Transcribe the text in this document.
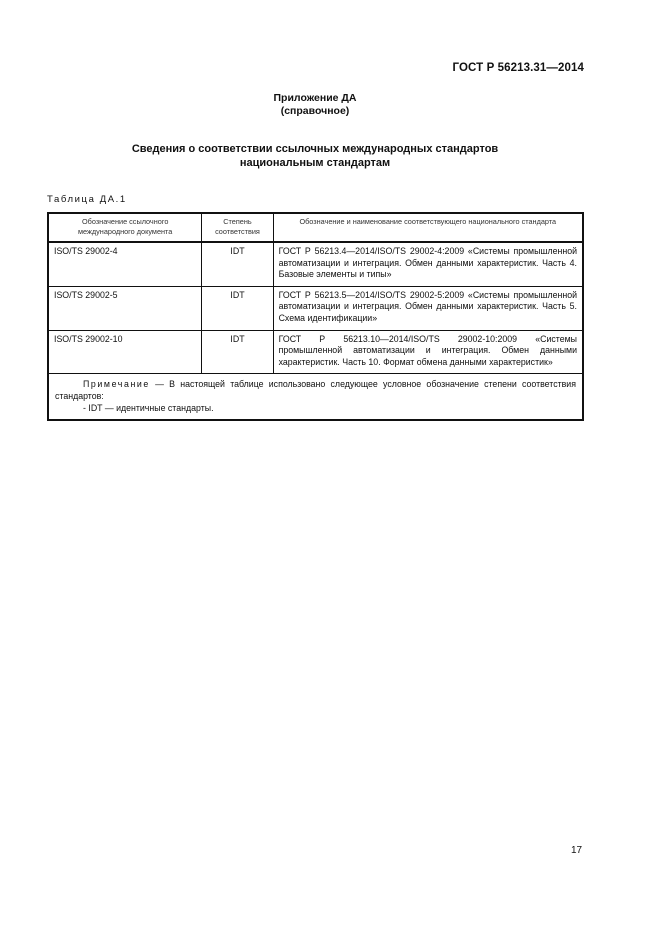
ГОСТ Р 56213.31—2014
Приложение ДА
(справочное)
Сведения о соответствии ссылочных международных стандартов
национальным стандартам
Таблица ДА.1
Обозначение ссылочного международного документа	Степень соответствия	Обозначение и наименование соответствующего национального стандарта
ISO/TS 29002-4	IDT	ГОСТ Р 56213.4—2014/ISO/TS 29002-4:2009 «Системы промышленной автоматизации и интеграция. Обмен данными характеристик. Часть 4. Базовые элементы и типы»
ISO/TS 29002-5	IDT	ГОСТ Р 56213.5—2014/ISO/TS 29002-5:2009 «Системы промышленной автоматизации и интеграция. Обмен данными характеристик. Часть 5. Схема идентификации»
ISO/TS 29002-10	IDT	ГОСТ Р 56213.10—2014/ISO/TS 29002-10:2009 «Системы промышленной автоматизации и интеграция. Обмен данными характеристик. Часть 10. Формат обмена данными характеристик»

Примечание — В настоящей таблице использовано следующее условное обозначение степени соответствия стандартов:
- IDT — идентичные стандарты.		
17
